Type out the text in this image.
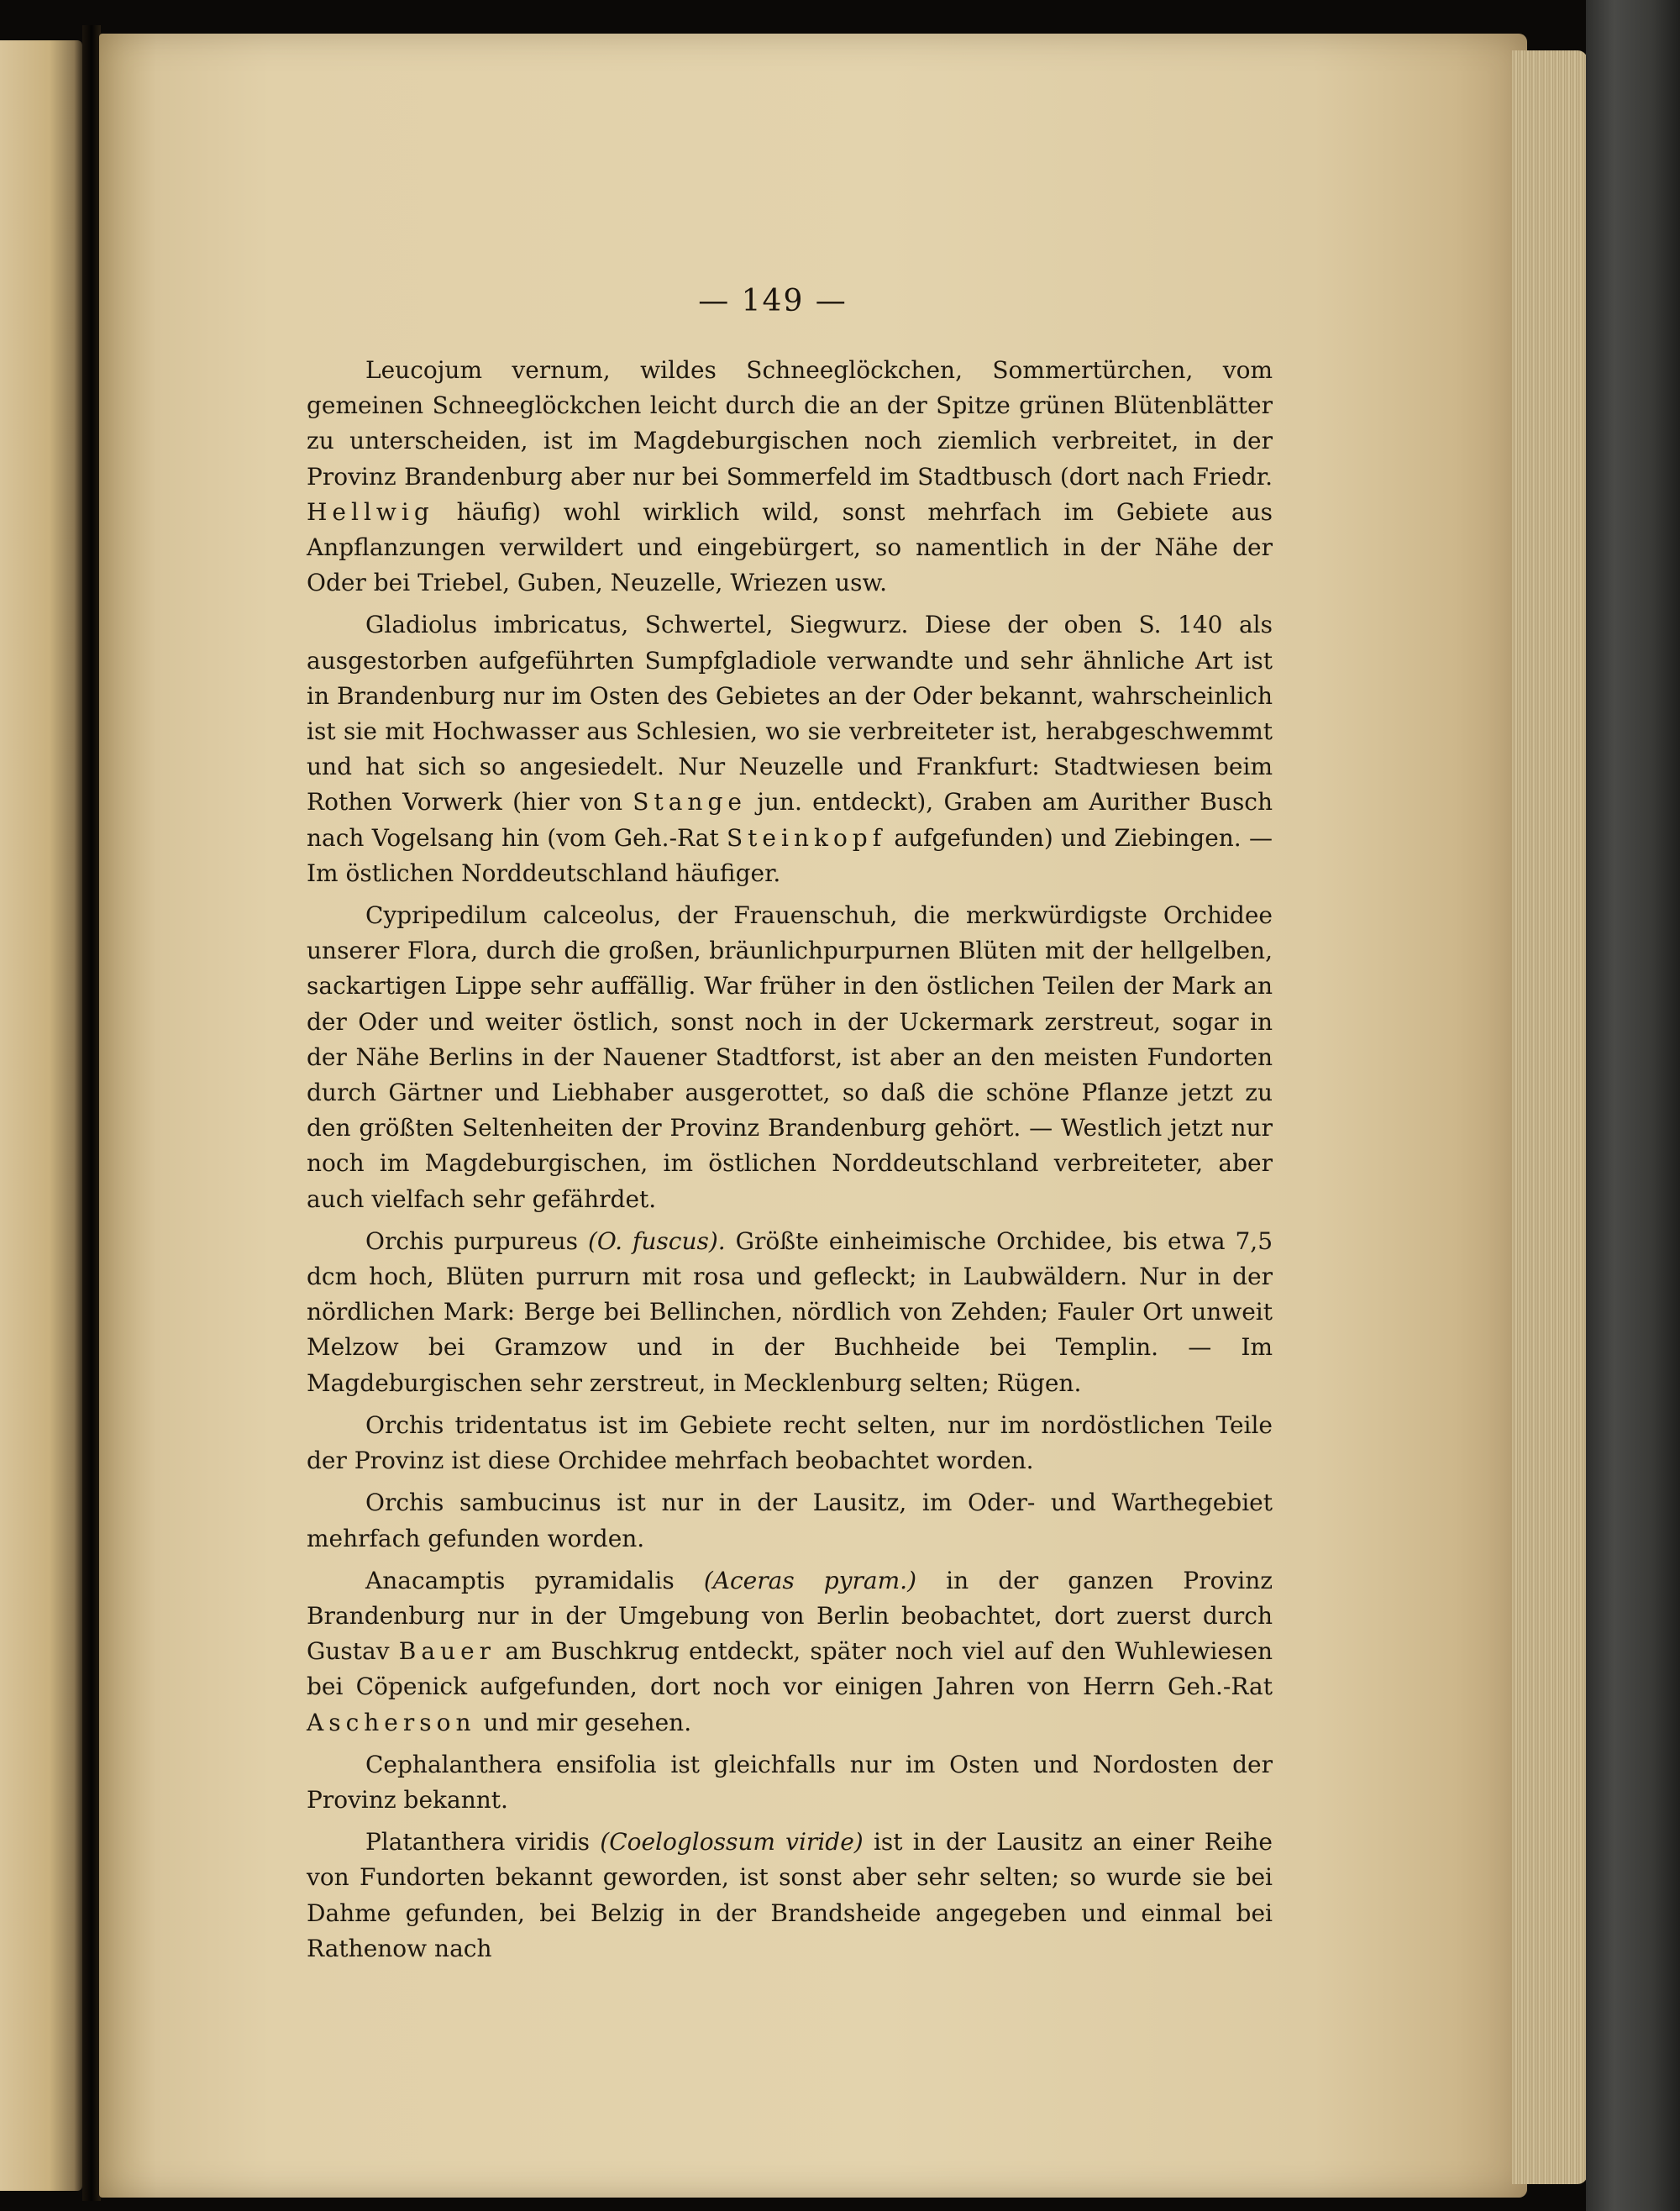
— 149 —

Leucojum vernum, wildes Schneeglöckchen, Sommertürchen, vom gemeinen Schneeglöckchen leicht durch die an der Spitze grünen Blütenblätter zu unterscheiden, ist im Magdeburgischen noch ziemlich verbreitet, in der Provinz Brandenburg aber nur bei Sommerfeld im Stadtbusch (dort nach Friedr. Hellwig häufig) wohl wirklich wild, sonst mehrfach im Gebiete aus Anpflanzungen verwildert und eingebürgert, so namentlich in der Nähe der Oder bei Triebel, Guben, Neuzelle, Wriezen usw.

Gladiolus imbricatus, Schwertel, Siegwurz. Diese der oben S. 140 als ausgestorben aufgeführten Sumpfgladiole verwandte und sehr ähnliche Art ist in Brandenburg nur im Osten des Gebietes an der Oder bekannt, wahrscheinlich ist sie mit Hochwasser aus Schlesien, wo sie verbreiteter ist, herabgeschwemmt und hat sich so angesiedelt. Nur Neuzelle und Frankfurt: Stadtwiesen beim Rothen Vorwerk (hier von Stange jun. entdeckt), Graben am Aurither Busch nach Vogelsang hin (vom Geh.-Rat Steinkopf aufgefunden) und Ziebingen. — Im östlichen Norddeutschland häufiger.

Cypripedilum calceolus, der Frauenschuh, die merkwürdigste Orchidee unserer Flora, durch die großen, bräunlichpurpurnen Blüten mit der hellgelben, sackartigen Lippe sehr auffällig. War früher in den östlichen Teilen der Mark an der Oder und weiter östlich, sonst noch in der Uckermark zerstreut, sogar in der Nähe Berlins in der Nauener Stadtforst, ist aber an den meisten Fundorten durch Gärtner und Liebhaber ausgerottet, so daß die schöne Pflanze jetzt zu den größten Seltenheiten der Provinz Brandenburg gehört. — Westlich jetzt nur noch im Magdeburgischen, im östlichen Norddeutschland verbreiteter, aber auch vielfach sehr gefährdet.

Orchis purpureus (O. fuscus). Größte einheimische Orchidee, bis etwa 7,5 dcm hoch, Blüten purrurn mit rosa und gefleckt; in Laubwäldern. Nur in der nördlichen Mark: Berge bei Bellinchen, nördlich von Zehden; Fauler Ort unweit Melzow bei Gramzow und in der Buchheide bei Templin. — Im Magdeburgischen sehr zerstreut, in Mecklenburg selten; Rügen.

Orchis tridentatus ist im Gebiete recht selten, nur im nordöstlichen Teile der Provinz ist diese Orchidee mehrfach beobachtet worden.

Orchis sambucinus ist nur in der Lausitz, im Oder- und Warthegebiet mehrfach gefunden worden.

Anacamptis pyramidalis (Aceras pyram.) in der ganzen Provinz Brandenburg nur in der Umgebung von Berlin beobachtet, dort zuerst durch Gustav Bauer am Buschkrug entdeckt, später noch viel auf den Wuhlewiesen bei Cöpenick aufgefunden, dort noch vor einigen Jahren von Herrn Geh.-Rat Ascherson und mir gesehen.

Cephalanthera ensifolia ist gleichfalls nur im Osten und Nordosten der Provinz bekannt.

Platanthera viridis (Coeloglossum viride) ist in der Lausitz an einer Reihe von Fundorten bekannt geworden, ist sonst aber sehr selten; so wurde sie bei Dahme gefunden, bei Belzig in der Brandsheide angegeben und einmal bei Rathenow nach
